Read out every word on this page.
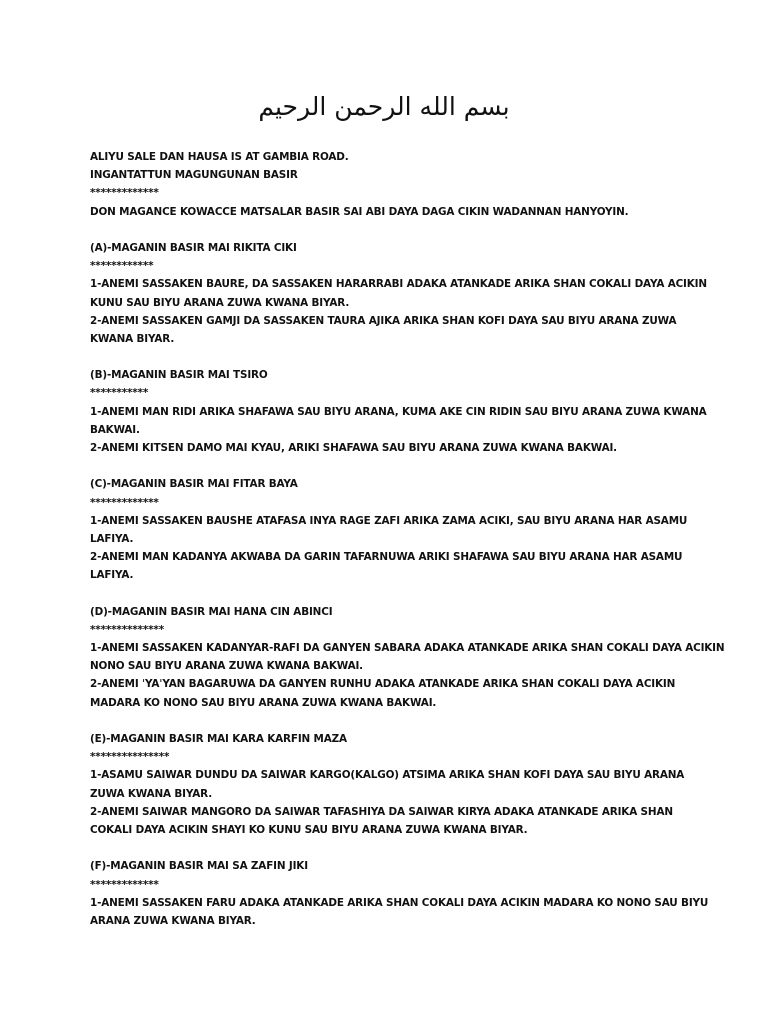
بسم الله الرحمن الرحيم
ALIYU SALE DAN HAUSA IS AT GAMBIA ROAD.
INGANTATTUN MAGUNGUNAN BASIR
*************
DON MAGANCE KOWACCE MATSALAR BASIR SAI ABI DAYA DAGA CIKIN WADANNAN HANYOYIN.
(A)-MAGANIN BASIR MAI RIKITA CIKI
************
1-ANEMI SASSAKEN BAURE, DA SASSAKEN HARARRABI ADAKA ATANKADE ARIKA SHAN COKALI DAYA ACIKIN
KUNU SAU BIYU ARANA ZUWA KWANA BIYAR.
2-ANEMI SASSAKEN GAMJI DA SASSAKEN TAURA AJIKA ARIKA SHAN KOFI DAYA SAU BIYU ARANA ZUWA
KWANA BIYAR.
(B)-MAGANIN BASIR MAI TSIRO
***********
1-ANEMI MAN RIDI ARIKA SHAFAWA SAU BIYU ARANA, KUMA AKE CIN RIDIN SAU BIYU ARANA ZUWA KWANA
BAKWAI.
2-ANEMI KITSEN DAMO MAI KYAU, ARIKI SHAFAWA SAU BIYU ARANA ZUWA KWANA BAKWAI.
(C)-MAGANIN BASIR MAI FITAR BAYA
*************
1-ANEMI SASSAKEN BAUSHE ATAFASA INYA RAGE ZAFI ARIKA ZAMA ACIKI, SAU BIYU ARANA HAR ASAMU
LAFIYA.
2-ANEMI MAN KADANYA AKWABA DA GARIN TAFARNUWA ARIKI SHAFAWA SAU BIYU ARANA HAR ASAMU
LAFIYA.
(D)-MAGANIN BASIR MAI HANA CIN ABINCI
**************
1-ANEMI SASSAKEN KADANYAR-RAFI DA GANYEN SABARA ADAKA ATANKADE ARIKA SHAN COKALI DAYA ACIKIN
NONO SAU BIYU ARANA ZUWA KWANA BAKWAI.
2-ANEMI ˈYAˈYAN BAGARUWA DA GANYEN RUNHU ADAKA ATANKADE ARIKA SHAN COKALI DAYA ACIKIN
MADARA KO NONO SAU BIYU ARANA ZUWA KWANA BAKWAI.
(E)-MAGANIN BASIR MAI KARA KARFIN MAZA
***************
1-ASAMU SAIWAR DUNDU DA SAIWAR KARGO(KALGO) ATSIMA ARIKA SHAN KOFI DAYA SAU BIYU ARANA
ZUWA KWANA BIYAR.
2-ANEMI SAIWAR MANGORO DA SAIWAR TAFASHIYA DA SAIWAR KIRYA ADAKA ATANKADE ARIKA SHAN
COKALI DAYA ACIKIN SHAYI KO KUNU SAU BIYU ARANA ZUWA KWANA BIYAR.
(F)-MAGANIN BASIR MAI SA ZAFIN JIKI
*************
1-ANEMI SASSAKEN FARU ADAKA ATANKADE ARIKA SHAN COKALI DAYA ACIKIN MADARA KO NONO SAU BIYU
ARANA ZUWA KWANA BIYAR.
